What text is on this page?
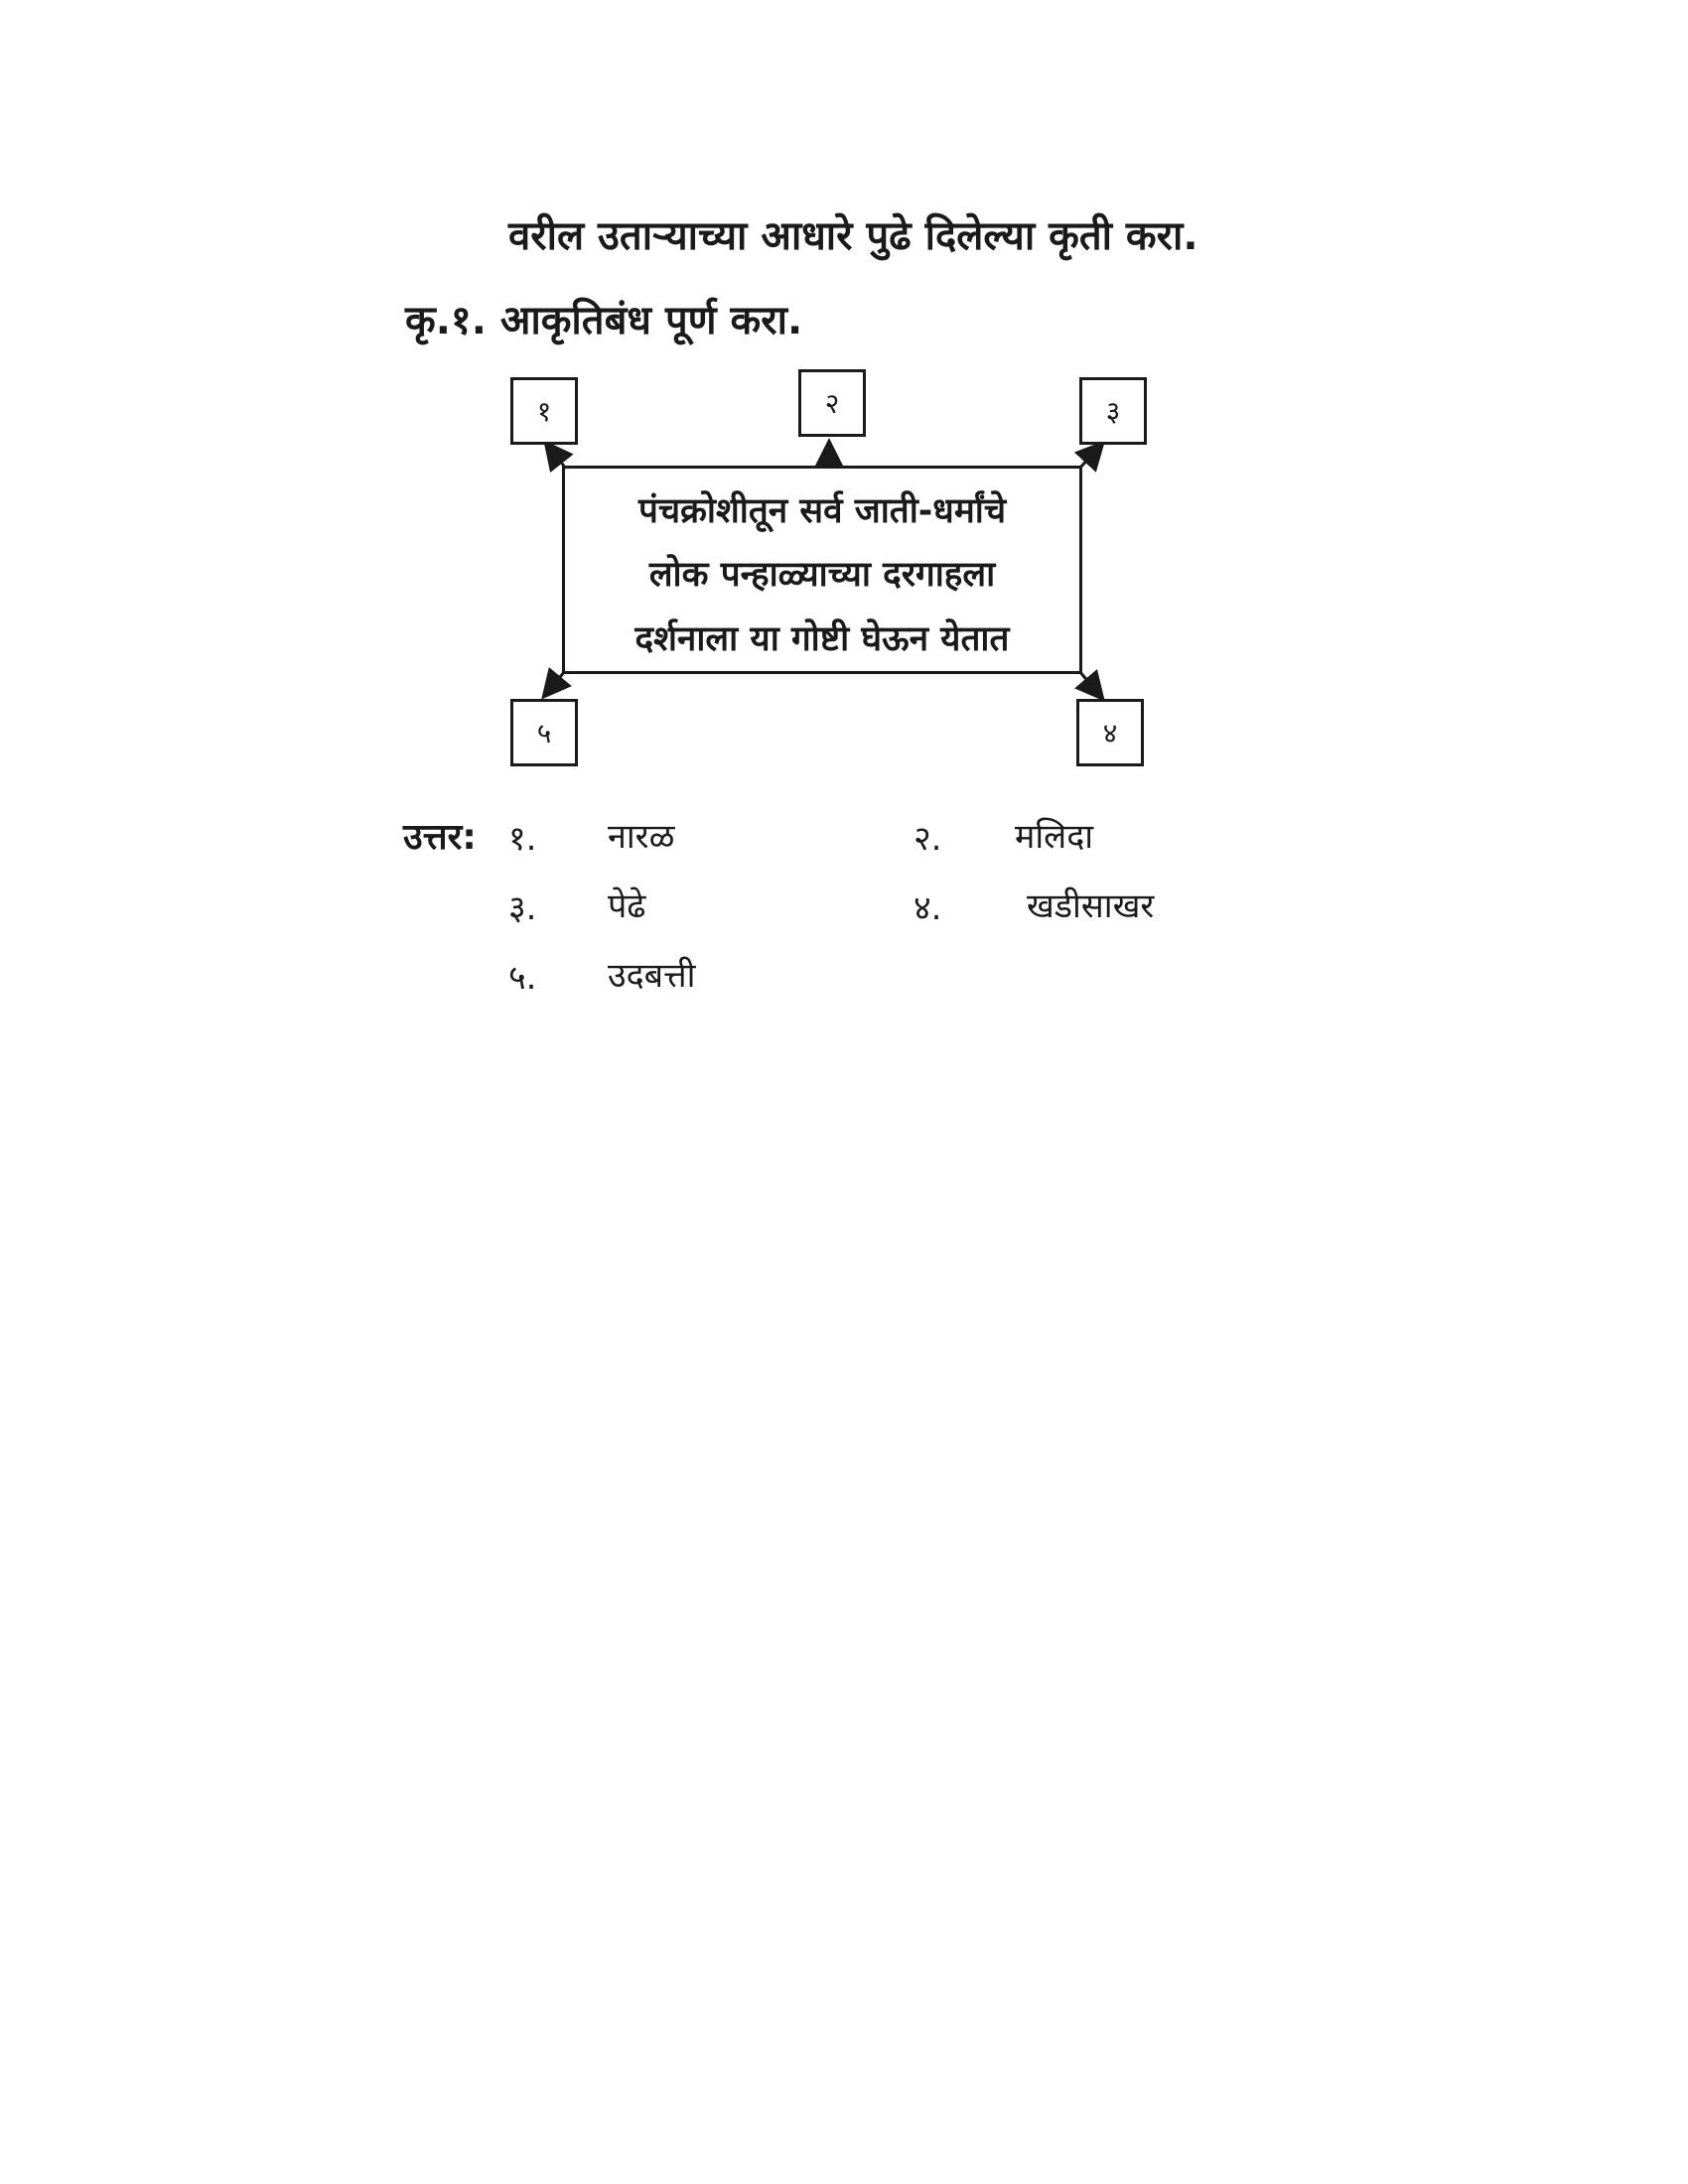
वरील उताऱ्याच्या आधारे पुढे दिलेल्या कृती करा.
कृ.१. आकृतिबंध पूर्ण करा.
पंचक्रोशीतून सर्व जाती-धर्मांचे
लोक पन्हाळ्याच्या दरगाहला
दर्शनाला या गोष्टी घेऊन येतात
१	२	३
४
५
उत्तर: १. नारळ	२. मलिदा
३. पेढे	४.	खडीसाखर
५. उदबत्ती
